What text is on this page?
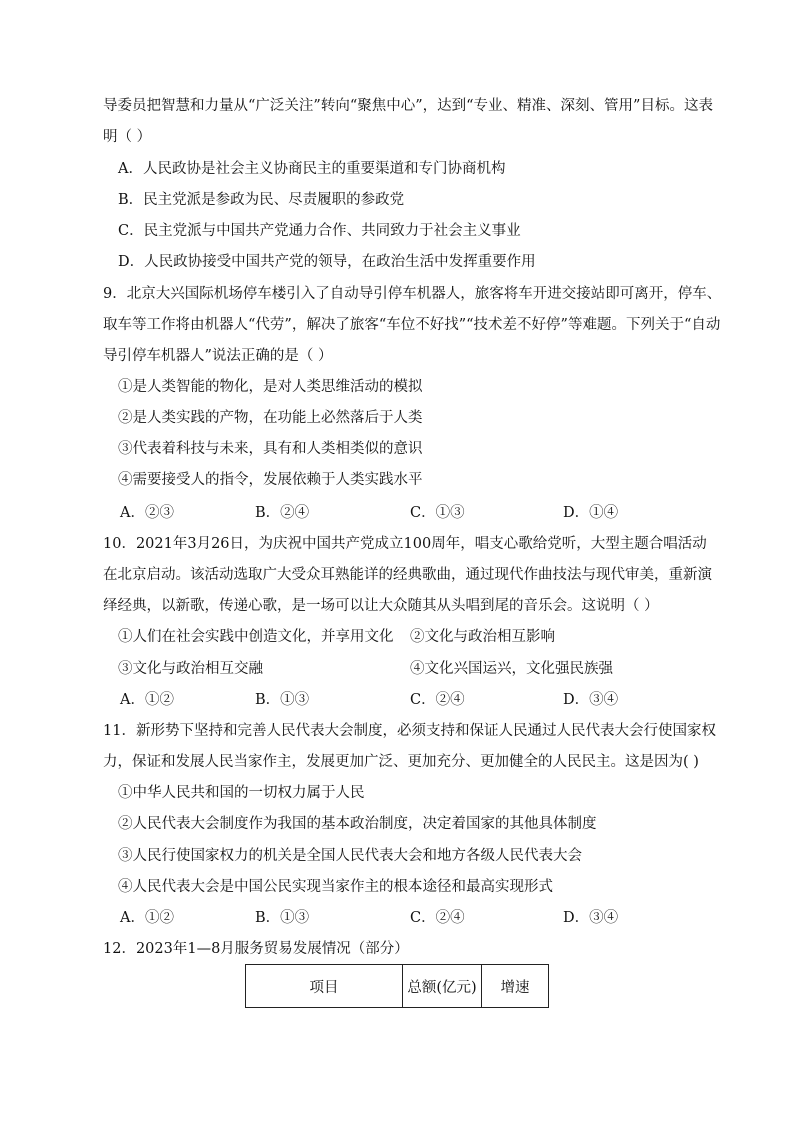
导委员把智慧和力量从“广泛关注”转向“聚焦中心”，达到“专业、精准、深刻、管用”目标。这表
明（ ）
A．人民政协是社会主义协商民主的重要渠道和专门协商机构
B．民主党派是参政为民、尽责履职的参政党
C．民主党派与中国共产党通力合作、共同致力于社会主义事业
D．人民政协接受中国共产党的领导，在政治生活中发挥重要作用
9．北京大兴国际机场停车楼引入了自动导引停车机器人，旅客将车开进交接站即可离开，停车、
取车等工作将由机器人“代劳”，解决了旅客“车位不好找”“技术差不好停”等难题。下列关于“自动
导引停车机器人”说法正确的是（ ）
①是人类智能的物化，是对人类思维活动的模拟
②是人类实践的产物，在功能上必然落后于人类
③代表着科技与未来，具有和人类相类似的意识
④需要接受人的指令，发展依赖于人类实践水平
A．②③	B．②④	C．①③	D．①④
10．2021年3月26日，为庆祝中国共产党成立100周年，唱支心歌给党听，大型主题合唱活动
在北京启动。该活动选取广大受众耳熟能详的经典歌曲，通过现代作曲技法与现代审美，重新演
绎经典，以新歌，传递心歌，是一场可以让大众随其从头唱到尾的音乐会。这说明（ ）
①人们在社会实践中创造文化，并享用文化 ②文化与政治相互影响
③文化与政治相互交融	④文化兴国运兴，文化强民族强
A．①②	B．①③	C．②④	D．③④
11．新形势下坚持和完善人民代表大会制度，必须支持和保证人民通过人民代表大会行使国家权
力，保证和发展人民当家作主，发展更加广泛、更加充分、更加健全的人民民主。这是因为( )
①中华人民共和国的一切权力属于人民
②人民代表大会制度作为我国的基本政治制度，决定着国家的其他具体制度
③人民行使国家权力的机关是全国人民代表大会和地方各级人民代表大会
④人民代表大会是中国公民实现当家作主的根本途径和最高实现形式
A．①②	B．①③	C．②④	D．③④
12．2023年1—8月服务贸易发展情况（部分）
项目	总额(亿元)	增速
